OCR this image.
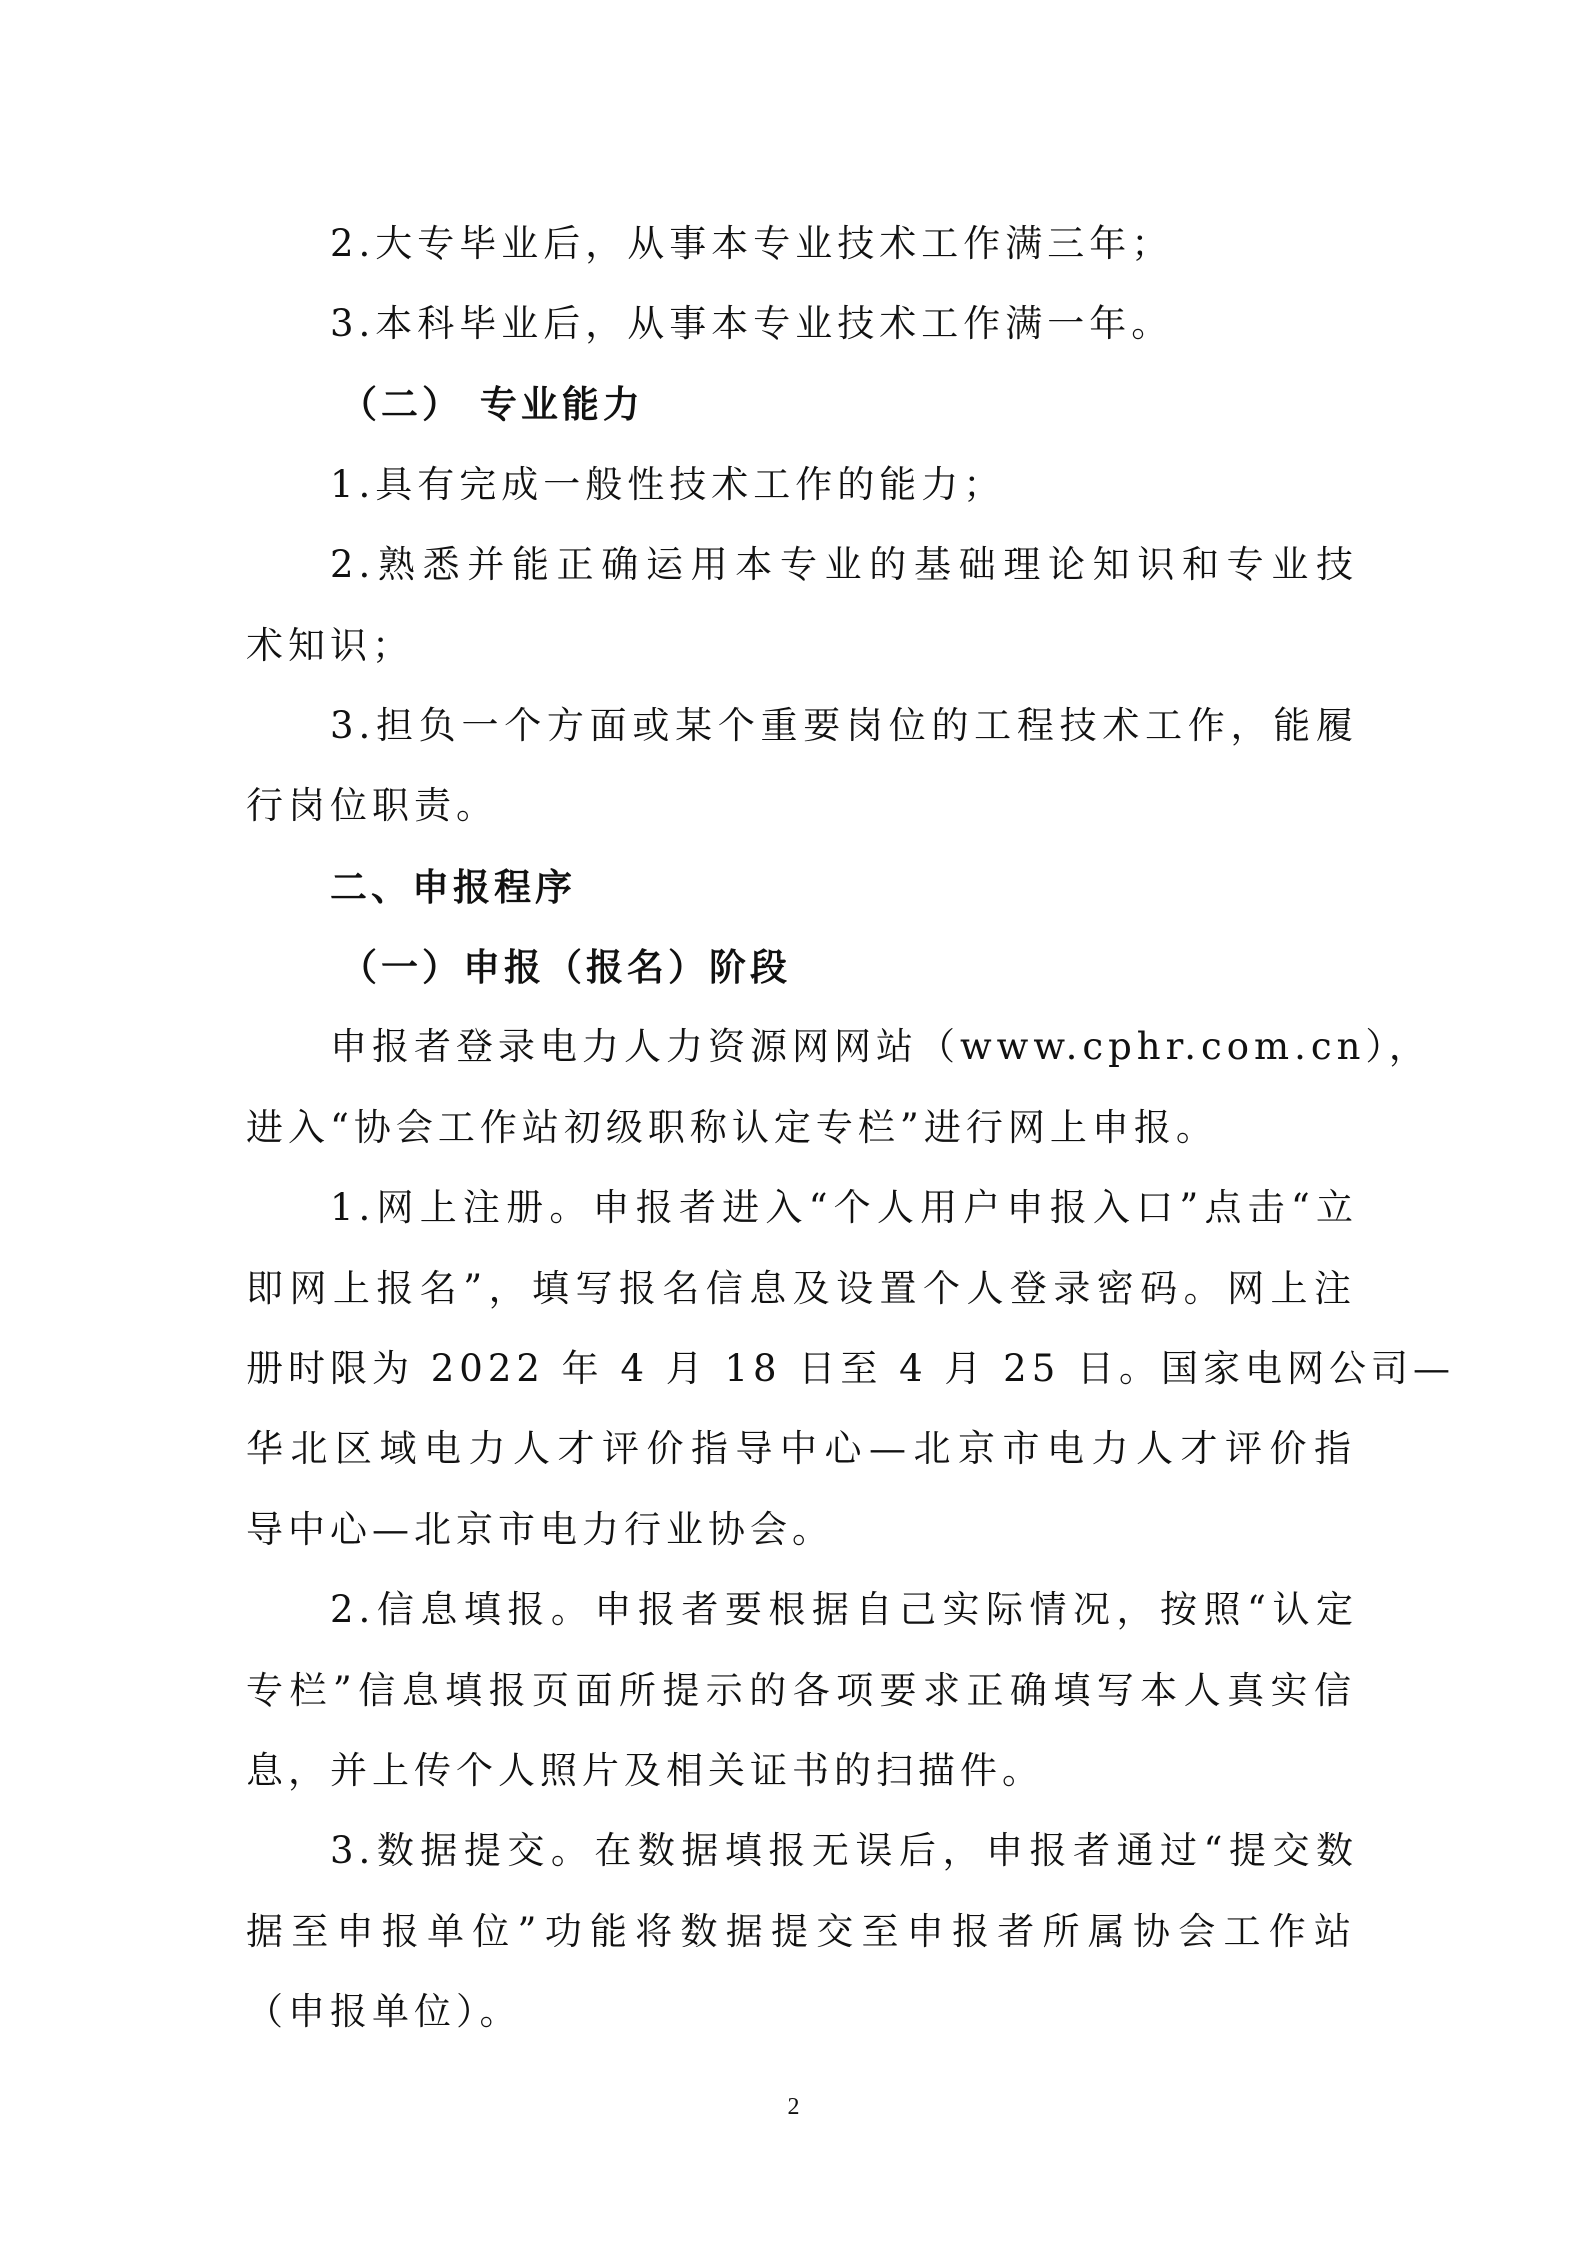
2.大专毕业后，从事本专业技术工作满三年；
3.本科毕业后，从事本专业技术工作满一年。
（二） 专业能力
1.具有完成一般性技术工作的能力；
2.熟悉并能正确运用本专业的基础理论知识和专业技
术知识；
3.担负一个方面或某个重要岗位的工程技术工作，能履
行岗位职责。
二、申报程序
（一）申报（报名）阶段
申报者登录电力人力资源网网站（www.cphr.com.cn），
进入“协会工作站初级职称认定专栏”进行网上申报。
1.网上注册。申报者进入“个人用户申报入口”点击“立
即网上报名”，填写报名信息及设置个人登录密码。网上注
册时限为 2022 年 4 月 18 日至 4 月 25 日。国家电网公司—
华北区域电力人才评价指导中心—北京市电力人才评价指
导中心—北京市电力行业协会。
2.信息填报。申报者要根据自己实际情况，按照“认定
专栏”信息填报页面所提示的各项要求正确填写本人真实信
息，并上传个人照片及相关证书的扫描件。
3.数据提交。在数据填报无误后，申报者通过“提交数
据至申报单位”功能将数据提交至申报者所属协会工作站
（申报单位）。
2
